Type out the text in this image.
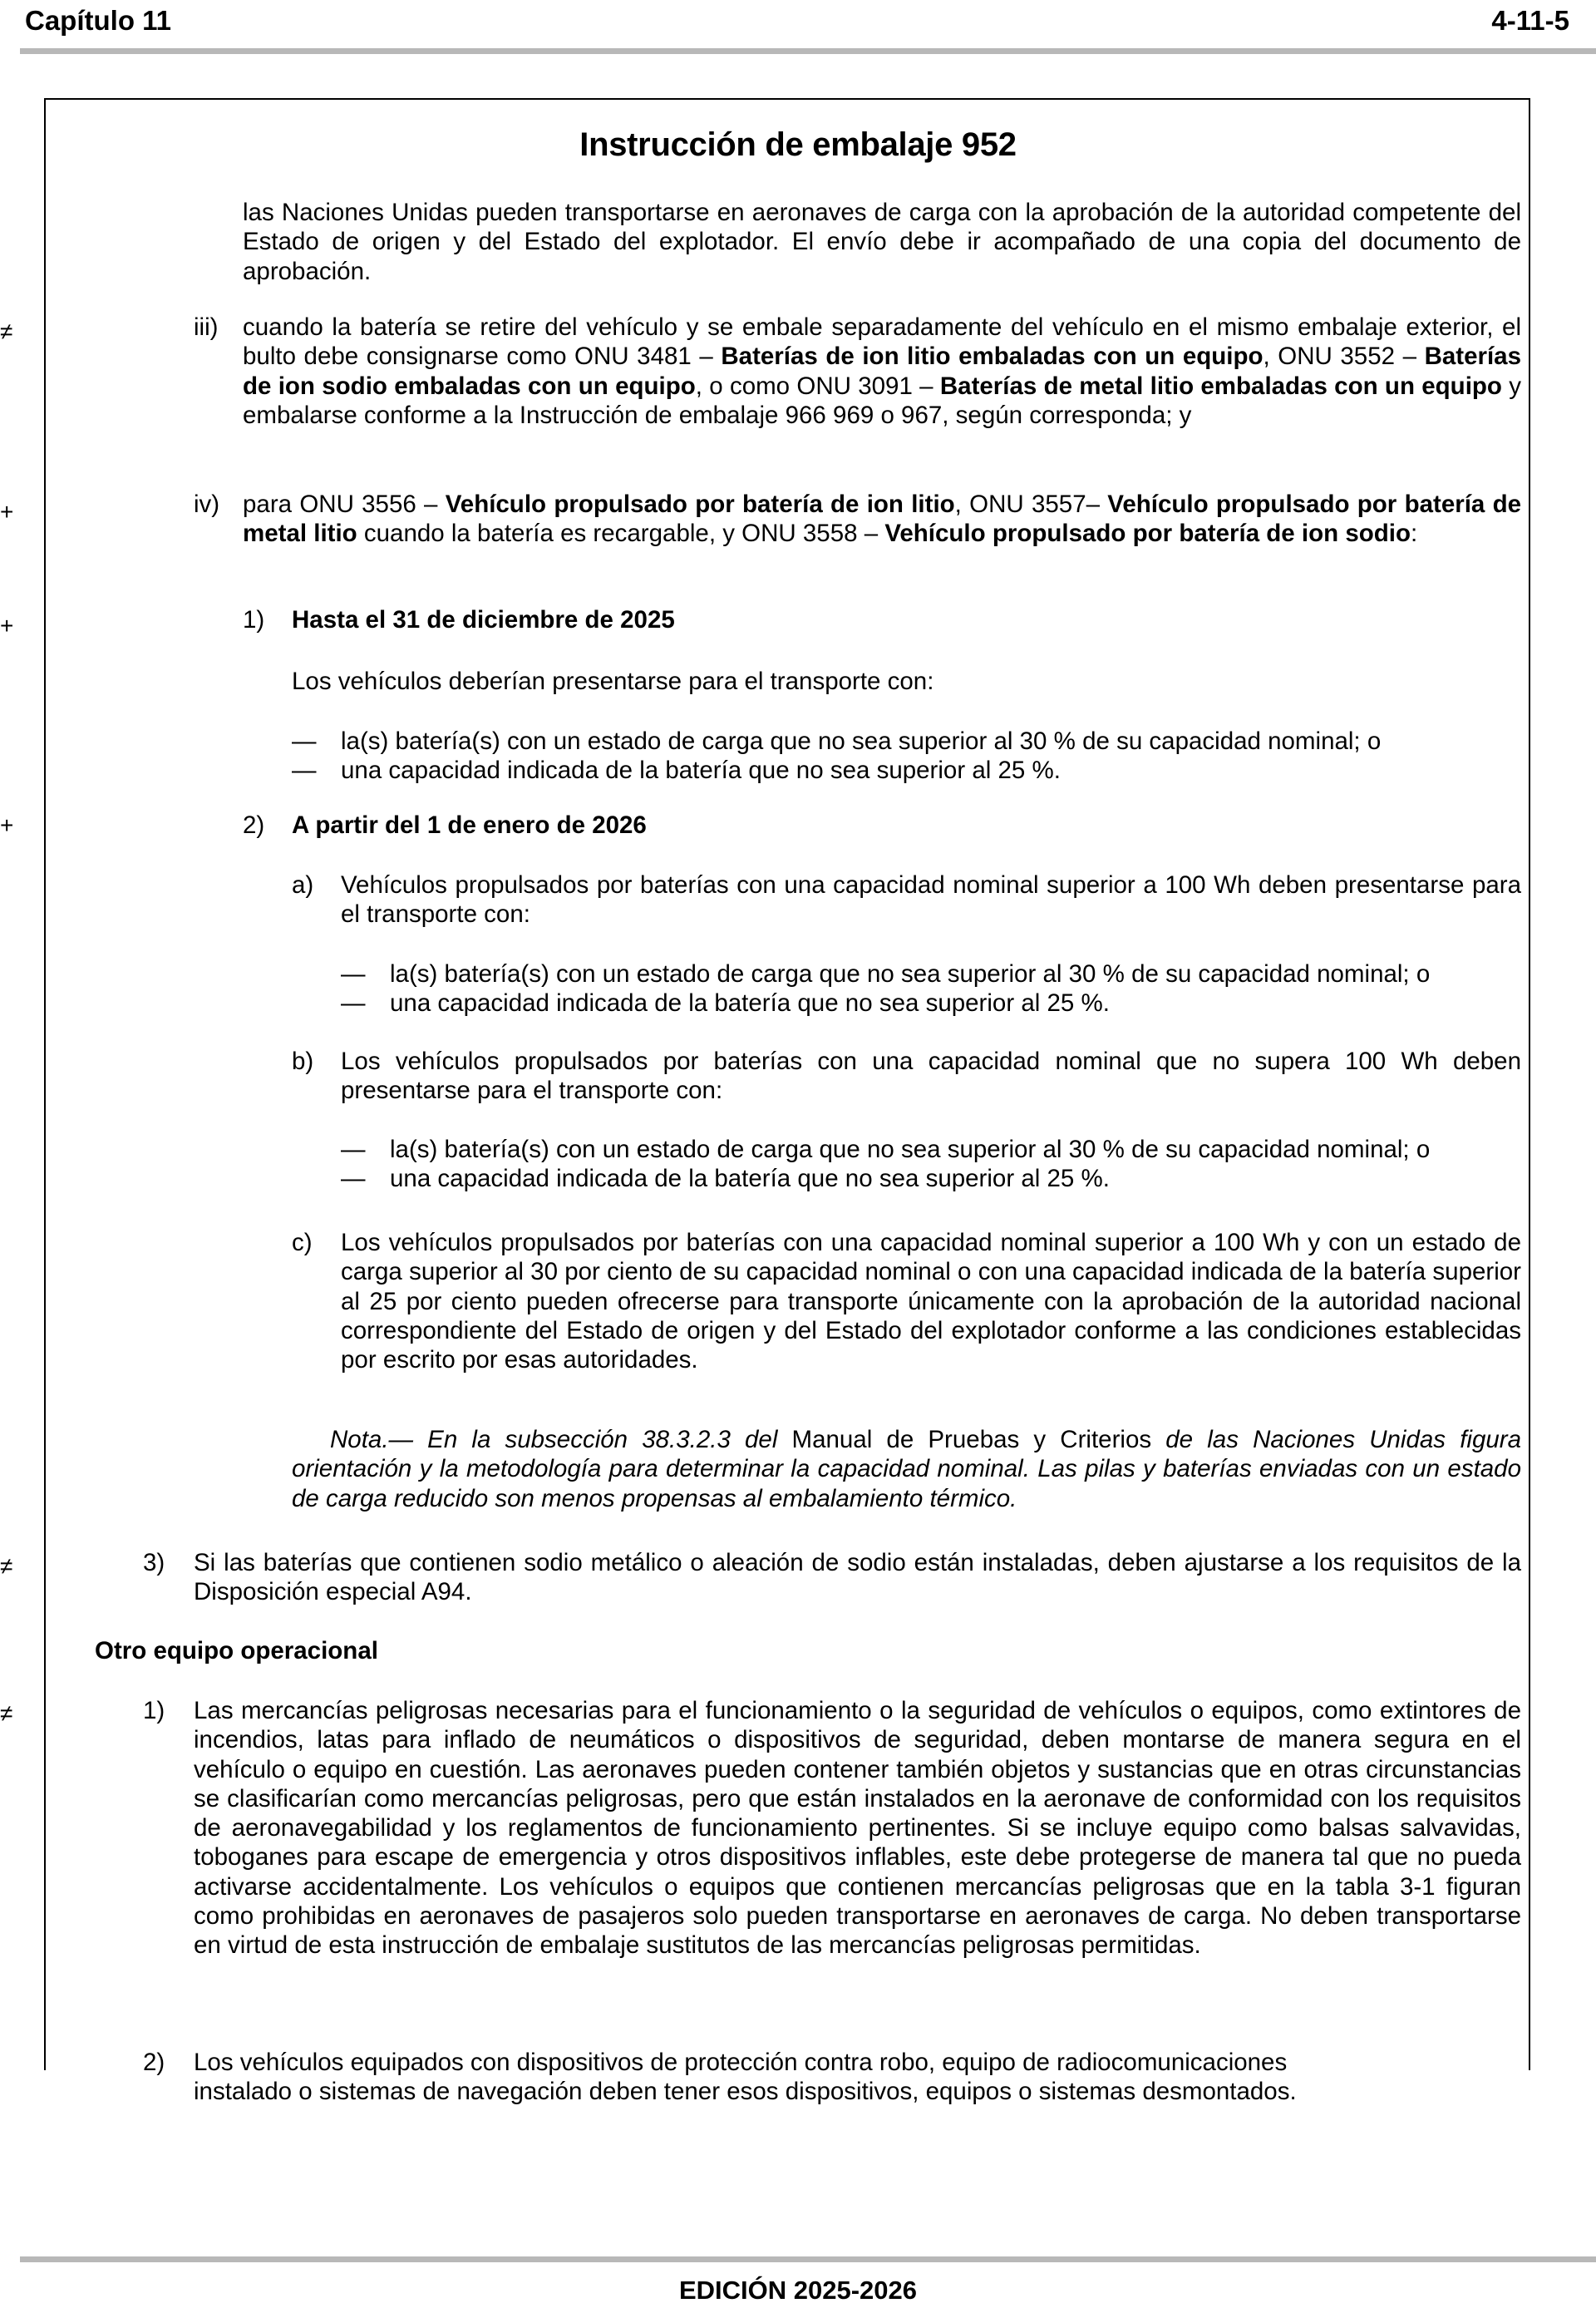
Capítulo 11	4-11-5
Instrucción de embalaje 952
las Naciones Unidas pueden transportarse en aeronaves de carga con la aprobación de la autoridad competente del Estado de origen y del Estado del explotador. El envío debe ir acompañado de una copia del documento de aprobación.
≠	iii) cuando la batería se retire del vehículo y se embale separadamente del vehículo en el mismo embalaje exterior, el bulto debe consignarse como ONU 3481 – Baterías de ion litio embaladas con un equipo, ONU 3552 – Baterías de ion sodio embaladas con un equipo, o como ONU 3091 – Baterías de metal litio embaladas con un equipo y embalarse conforme a la Instrucción de embalaje 966 969 o 967, según corresponda; y
+	iv) para ONU 3556 – Vehículo propulsado por batería de ion litio, ONU 3557– Vehículo propulsado por batería de metal litio cuando la batería es recargable, y ONU 3558 – Vehículo propulsado por batería de ion sodio:
+	1) Hasta el 31 de diciembre de 2025
Los vehículos deberían presentarse para el transporte con:
— la(s) batería(s) con un estado de carga que no sea superior al 30 % de su capacidad nominal; o
— una capacidad indicada de la batería que no sea superior al 25 %.
+	2) A partir del 1 de enero de 2026
a) Vehículos propulsados por baterías con una capacidad nominal superior a 100 Wh deben presentarse para el transporte con:
— la(s) batería(s) con un estado de carga que no sea superior al 30 % de su capacidad nominal; o
— una capacidad indicada de la batería que no sea superior al 25 %.
b) Los vehículos propulsados por baterías con una capacidad nominal que no supera 100 Wh deben presentarse para el transporte con:
— la(s) batería(s) con un estado de carga que no sea superior al 30 % de su capacidad nominal; o
— una capacidad indicada de la batería que no sea superior al 25 %.
c) Los vehículos propulsados por baterías con una capacidad nominal superior a 100 Wh y con un estado de carga superior al 30 por ciento de su capacidad nominal o con una capacidad indicada de la batería superior al 25 por ciento pueden ofrecerse para transporte únicamente con la aprobación de la autoridad nacional correspondiente del Estado de origen y del Estado del explotador conforme a las condiciones establecidas por escrito por esas autoridades.
Nota.— En la subsección 38.3.2.3 del Manual de Pruebas y Criterios de las Naciones Unidas figura orientación y la metodología para determinar la capacidad nominal. Las pilas y baterías enviadas con un estado de carga reducido son menos propensas al embalamiento térmico.
≠	3) Si las baterías que contienen sodio metálico o aleación de sodio están instaladas, deben ajustarse a los requisitos de la Disposición especial A94.
Otro equipo operacional
≠	1) Las mercancías peligrosas necesarias para el funcionamiento o la seguridad de vehículos o equipos, como extintores de incendios, latas para inflado de neumáticos o dispositivos de seguridad, deben montarse de manera segura en el vehículo o equipo en cuestión. Las aeronaves pueden contener también objetos y sustancias que en otras circunstancias se clasificarían como mercancías peligrosas, pero que están instalados en la aeronave de conformidad con los requisitos de aeronavegabilidad y los reglamentos de funcionamiento pertinentes. Si se incluye equipo como balsas salvavidas, toboganes para escape de emergencia y otros dispositivos inflables, este debe protegerse de manera tal que no pueda activarse accidentalmente. Los vehículos o equipos que contienen mercancías peligrosas que en la tabla 3-1 figuran como prohibidas en aeronaves de pasajeros solo pueden transportarse en aeronaves de carga. No deben transportarse en virtud de esta instrucción de embalaje sustitutos de las mercancías peligrosas permitidas.
2) Los vehículos equipados con dispositivos de protección contra robo, equipo de radiocomunicaciones
instalado o sistemas de navegación deben tener esos dispositivos, equipos o sistemas desmontados.
EDICIÓN 2025-2026
